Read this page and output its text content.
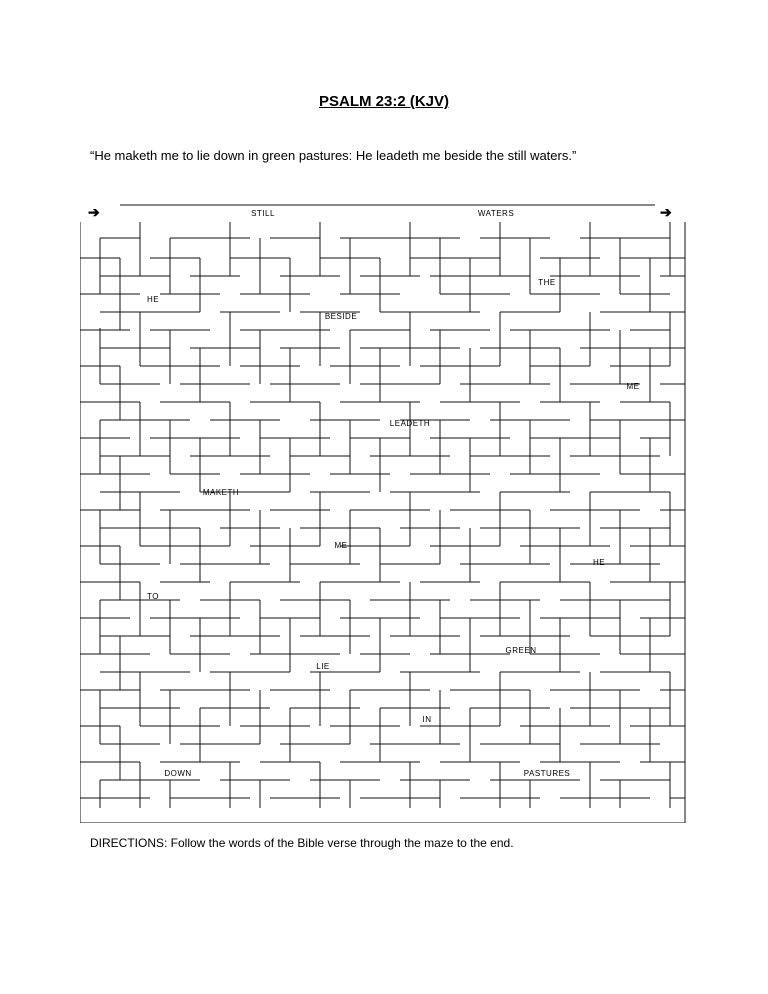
PSALM 23:2 (KJV)
“He maketh me to lie down in green pastures: He leadeth me beside the still waters.”
➔	➔
STILL	WATERS
THE
HE
BESIDE
ME
LEADETH
MAKETH
ME
HE
TO
GREEN
LIE
IN
DOWN	PASTURES
DIRECTIONS: Follow the words of the Bible verse through the maze to the end.
